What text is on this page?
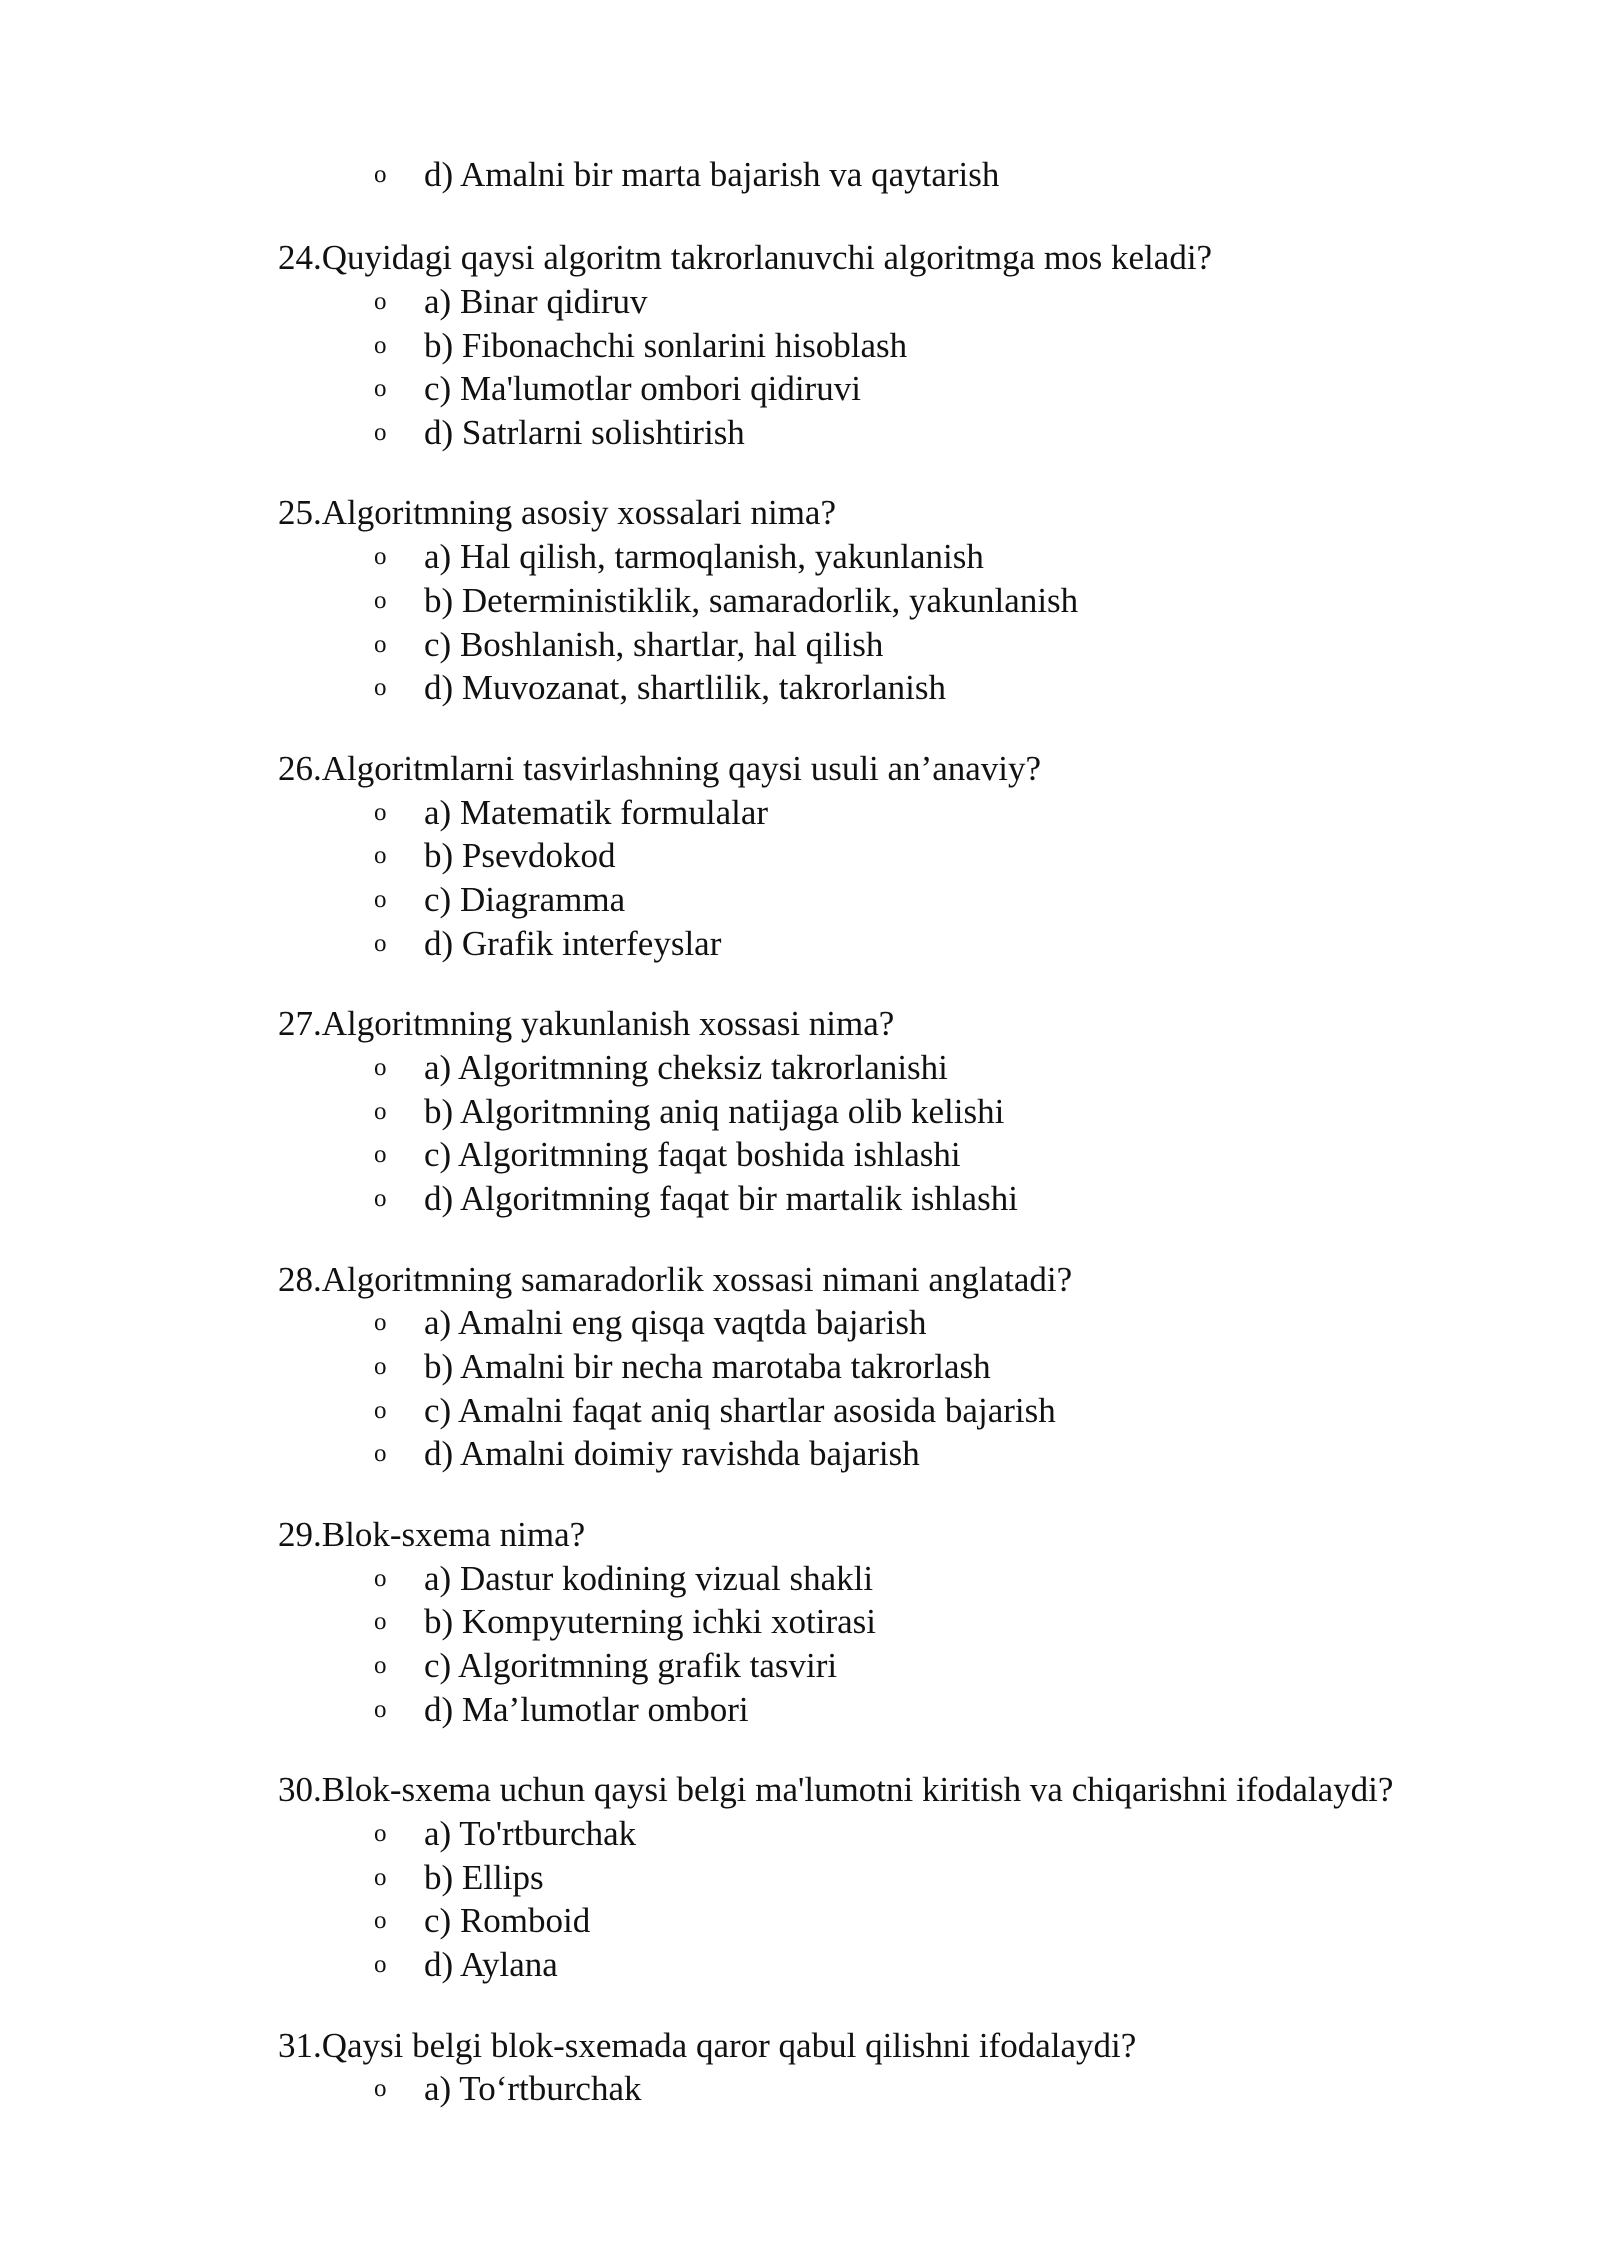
o d) Amalni bir marta bajarish va qaytarish
24.Quyidagi qaysi algoritm takrorlanuvchi algoritmga mos keladi?
o a) Binar qidiruv
o b) Fibonachchi sonlarini hisoblash
o c) Ma'lumotlar ombori qidiruvi
o d) Satrlarni solishtirish
25.Algoritmning asosiy xossalari nima?
o a) Hal qilish, tarmoqlanish, yakunlanish
o b) Deterministiklik, samaradorlik, yakunlanish
o c) Boshlanish, shartlar, hal qilish
o d) Muvozanat, shartlilik, takrorlanish
26.Algoritmlarni tasvirlashning qaysi usuli an’anaviy?
o a) Matematik formulalar
o b) Psevdokod
o c) Diagramma
o d) Grafik interfeyslar
27.Algoritmning yakunlanish xossasi nima?
o a) Algoritmning cheksiz takrorlanishi
o b) Algoritmning aniq natijaga olib kelishi
o c) Algoritmning faqat boshida ishlashi
o d) Algoritmning faqat bir martalik ishlashi
28.Algoritmning samaradorlik xossasi nimani anglatadi?
o a) Amalni eng qisqa vaqtda bajarish
o b) Amalni bir necha marotaba takrorlash
o c) Amalni faqat aniq shartlar asosida bajarish
o d) Amalni doimiy ravishda bajarish
29.Blok-sxema nima?
o a) Dastur kodining vizual shakli
o b) Kompyuterning ichki xotirasi
o c) Algoritmning grafik tasviri
o d) Ma’lumotlar ombori
30.Blok-sxema uchun qaysi belgi ma'lumotni kiritish va chiqarishni ifodalaydi?
o a) To'rtburchak
o b) Ellips
o c) Romboid
o d) Aylana
31.Qaysi belgi blok-sxemada qaror qabul qilishni ifodalaydi?
o a) To‘rtburchak
